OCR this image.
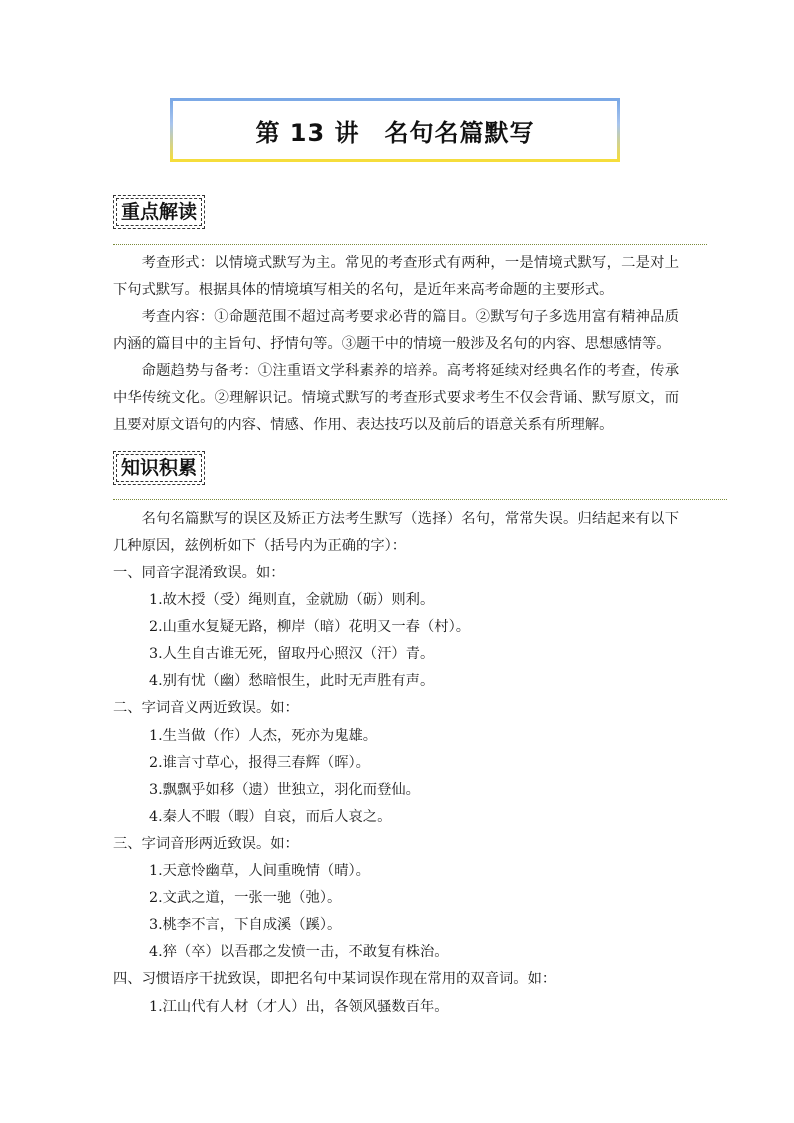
第 13 讲　名句名篇默写
重点解读

考查形式：以情境式默写为主。常见的考查形式有两种，一是情境式默写，二是对上下句式默写。根据具体的情境填写相关的名句，是近年来高考命题的主要形式。

考查内容：①命题范围不超过高考要求必背的篇目。②默写句子多选用富有精神品质内涵的篇目中的主旨句、抒情句等。③题干中的情境一般涉及名句的内容、思想感情等。

命题趋势与备考：①注重语文学科素养的培养。高考将延续对经典名作的考查，传承中华传统文化。②理解识记。情境式默写的考查形式要求考生不仅会背诵、默写原文，而且要对原文语句的内容、情感、作用、表达技巧以及前后的语意关系有所理解。

知识积累

名句名篇默写的误区及矫正方法考生默写（选择）名句，常常失误。归结起来有以下几种原因，兹例析如下（括号内为正确的字）：

一、同音字混淆致误。如：
1.故木授（受）绳则直，金就励（砺）则利。
2.山重水复疑无路，柳岸（暗）花明又一春（村）。
3.人生自古谁无死，留取丹心照汉（汗）青。
4.别有忧（幽）愁暗恨生，此时无声胜有声。
二、字词音义两近致误。如：
1.生当做（作）人杰，死亦为鬼雄。
2.谁言寸草心，报得三春辉（晖）。
3.飘飘乎如移（遗）世独立，羽化而登仙。
4.秦人不暇（暇）自哀，而后人哀之。
三、字词音形两近致误。如：
1.天意怜幽草，人间重晚情（晴）。
2.文武之道，一张一驰（弛）。
3.桃李不言，下自成溪（蹊）。
4.猝（卒）以吾郡之发愤一击，不敢复有株治。
四、习惯语序干扰致误，即把名句中某词误作现在常用的双音词。如：
1.江山代有人材（才人）出，各领风骚数百年。
